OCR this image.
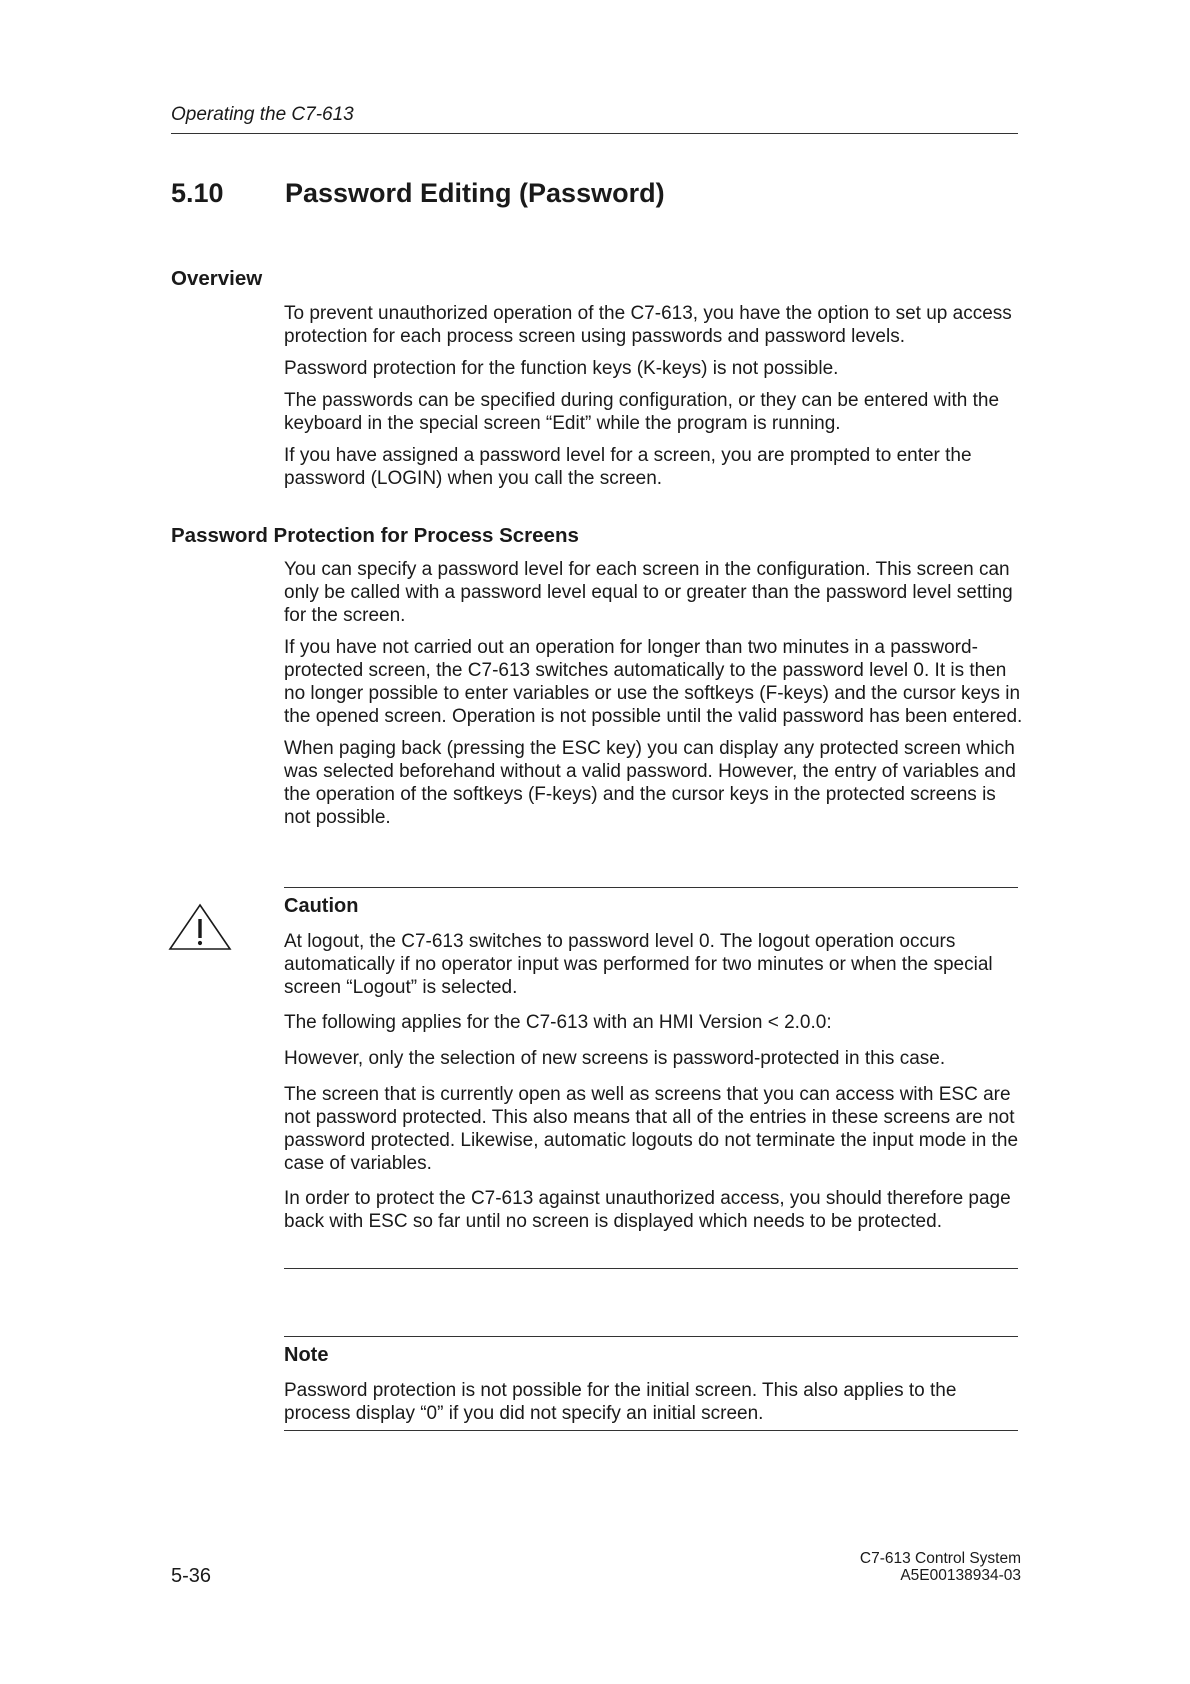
Operating the C7-613
5.10 Password Editing (Password)
Overview

To prevent unauthorized operation of the C7-613, you have the option to set up access protection for each process screen using passwords and password levels.

Password protection for the function keys (K-keys) is not possible.

The passwords can be specified during configuration, or they can be entered with the keyboard in the special screen “Edit” while the program is running.

If you have assigned a password level for a screen, you are prompted to enter the password (LOGIN) when you call the screen.

Password Protection for Process Screens

You can specify a password level for each screen in the configuration. This screen can only be called with a password level equal to or greater than the password level setting for the screen.

If you have not carried out an operation for longer than two minutes in a password-protected screen, the C7-613 switches automatically to the password level 0. It is then no longer possible to enter variables or use the softkeys (F-keys) and the cursor keys in the opened screen. Operation is not possible until the valid password has been entered.

When paging back (pressing the ESC key) you can display any protected screen which was selected beforehand without a valid password. However, the entry of variables and the operation of the softkeys (F-keys) and the cursor keys in the protected screens is not possible.

Caution

At logout, the C7-613 switches to password level 0. The logout operation occurs automatically if no operator input was performed for two minutes or when the special screen “Logout” is selected.

The following applies for the C7-613 with an HMI Version < 2.0.0:

However, only the selection of new screens is password-protected in this case.

The screen that is currently open as well as screens that you can access with ESC are not password protected. This also means that all of the entries in these screens are not password protected. Likewise, automatic logouts do not terminate the input mode in the case of variables.

In order to protect the C7-613 against unauthorized access, you should therefore page back with ESC so far until no screen is displayed which needs to be protected.

Note

Password protection is not possible for the initial screen. This also applies to the process display “0” if you did not specify an initial screen.

5-36
C7-613 Control System
A5E00138934-03
